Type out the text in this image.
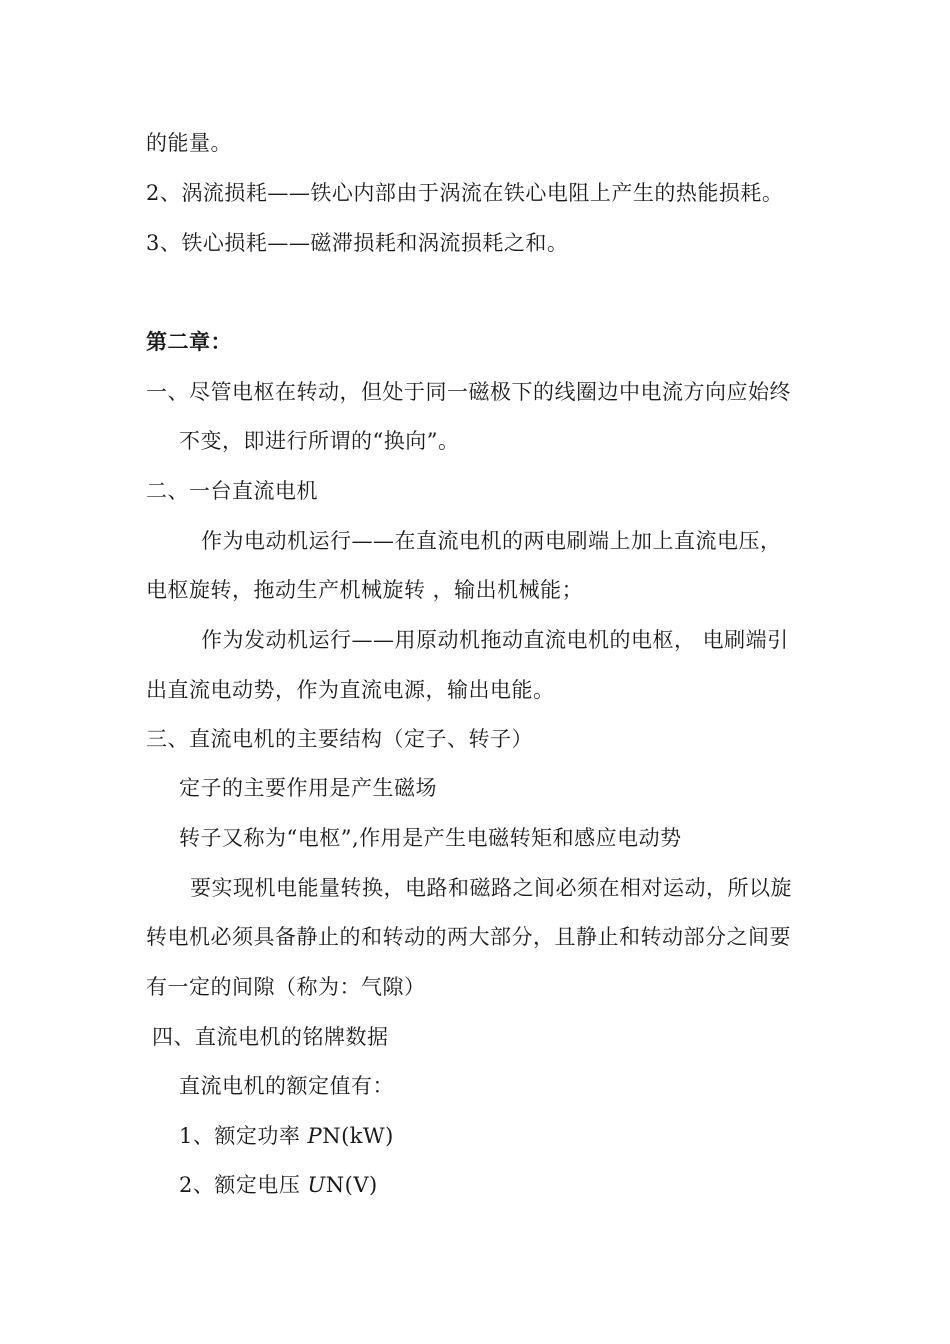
的能量。
2、涡流损耗——铁心内部由于涡流在铁心电阻上产生的热能损耗。
3、铁心损耗——磁滞损耗和涡流损耗之和。
第二章：
一、尽管电枢在转动，但处于同一磁极下的线圈边中电流方向应始终
不变，即进行所谓的“换向”。
二、一台直流电机
作为电动机运行——在直流电机的两电刷端上加上直流电压，
电枢旋转，拖动生产机械旋转 ，输出机械能；
作为发动机运行——用原动机拖动直流电机的电枢， 电刷端引
出直流电动势，作为直流电源，输出电能。
三、直流电机的主要结构（定子、转子）
定子的主要作用是产生磁场
转子又称为“电枢”,作用是产生电磁转矩和感应电动势
要实现机电能量转换，电路和磁路之间必须在相对运动，所以旋
转电机必须具备静止的和转动的两大部分，且静止和转动部分之间要
有一定的间隙（称为：气隙）
四、直流电机的铭牌数据
直流电机的额定值有：
1、额定功率 PN(kW)
2、额定电压 UN(V)
